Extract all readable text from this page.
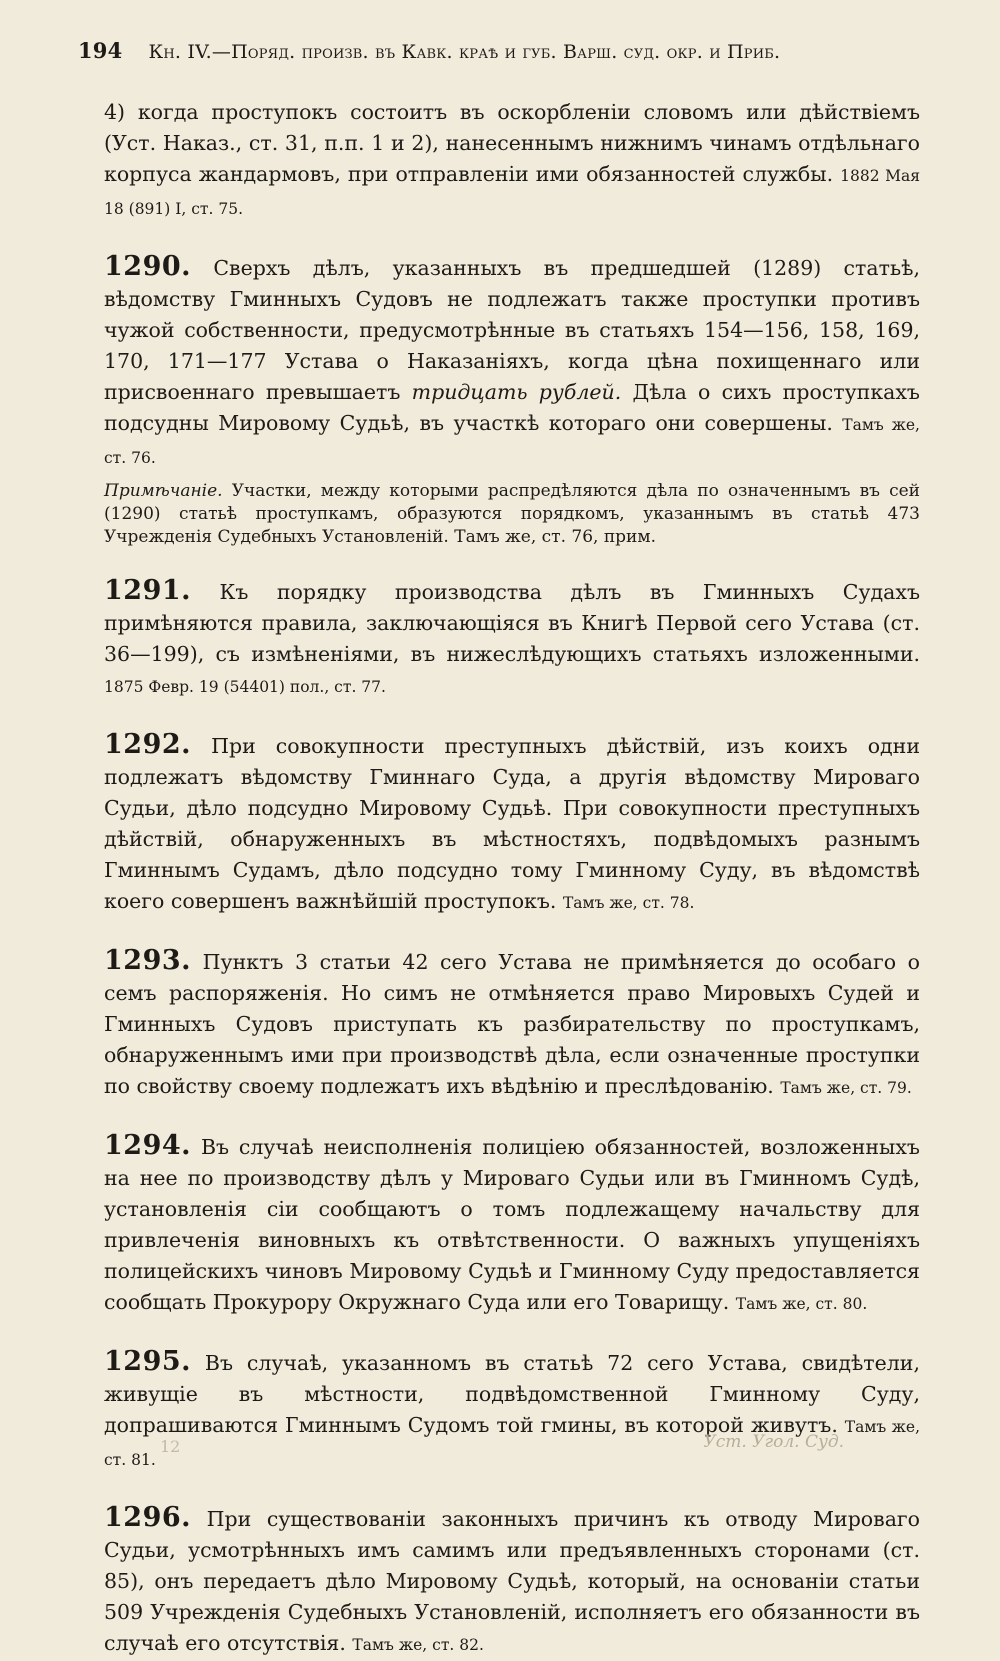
194 Кн. IV.—Поряд. произв. въ Кавк. краѣ и губ. Варш. суд. окр. и Приб.

4) когда проступокъ состоитъ въ оскорбленіи словомъ или дѣйствіемъ (Уст. Наказ., ст. 31, п.п. 1 и 2), нанесеннымъ нижнимъ чинамъ отдѣльнаго корпуса жандармовъ, при отправленіи ими обязанностей службы. 1882 Мая 18 (891) I, ст. 75.

1290. Сверхъ дѣлъ, указанныхъ въ предшедшей (1289) статьѣ, вѣдомству Гминныхъ Судовъ не подлежатъ также проступки противъ чужой собственности, предусмотрѣнные въ статьяхъ 154—156, 158, 169, 170, 171—177 Устава о Наказаніяхъ, когда цѣна похищеннаго или присвоеннаго превышаетъ тридцать рублей. Дѣла о сихъ проступкахъ подсудны Мировому Судьѣ, въ участкѣ котораго они совершены. Тамъ же, ст. 76.

Примѣчаніе. Участки, между которыми распредѣляются дѣла по означеннымъ въ сей (1290) статьѣ проступкамъ, образуются порядкомъ, указаннымъ въ статьѣ 473 Учрежденія Судебныхъ Установленій. Тамъ же, ст. 76, прим.

1291. Къ порядку производства дѣлъ въ Гминныхъ Судахъ примѣняются правила, заключающіяся въ Книгѣ Первой сего Устава (ст. 36—199), съ измѣненіями, въ нижеслѣдующихъ статьяхъ изложенными. 1875 Февр. 19 (54401) пол., ст. 77.

1292. При совокупности преступныхъ дѣйствій, изъ коихъ одни подлежатъ вѣдомству Гминнаго Суда, а другія вѣдомству Мироваго Судьи, дѣло подсудно Мировому Судьѣ. При совокупности преступныхъ дѣйствій, обнаруженныхъ въ мѣстностяхъ, подвѣдомыхъ разнымъ Гминнымъ Судамъ, дѣло подсудно тому Гминному Суду, въ вѣдомствѣ коего совершенъ важнѣйшій проступокъ. Тамъ же, ст. 78.

1293. Пунктъ 3 статьи 42 сего Устава не примѣняется до особаго о семъ распоряженія. Но симъ не отмѣняется право Мировыхъ Судей и Гминныхъ Судовъ приступать къ разбирательству по проступкамъ, обнаруженнымъ ими при производствѣ дѣла, если означенные проступки по свойству своему подлежатъ ихъ вѣдѣнію и преслѣдованію. Тамъ же, ст. 79.

1294. Въ случаѣ неисполненія полиціею обязанностей, возложенныхъ на нее по производству дѣлъ у Мироваго Судьи или въ Гминномъ Судѣ, установленія сіи сообщаютъ о томъ подлежащему начальству для привлеченія виновныхъ къ отвѣтственности. О важныхъ упущеніяхъ полицейскихъ чиновъ Мировому Судьѣ и Гминному Суду предоставляется сообщать Прокурору Окружнаго Суда или его Товарищу. Тамъ же, ст. 80.

1295. Въ случаѣ, указанномъ въ статьѣ 72 сего Устава, свидѣтели, живущіе въ мѣстности, подвѣдомственной Гминному Суду, допрашиваются Гминнымъ Судомъ той гмины, въ которой живутъ. Тамъ же, ст. 81.

1296. При существованіи законныхъ причинъ къ отводу Мироваго Судьи, усмотрѣнныхъ имъ самимъ или предъявленныхъ сторонами (ст. 85), онъ передаетъ дѣло Мировому Судьѣ, который, на основаніи статьи 509 Учрежденія Судебныхъ Установленій, исполняетъ его обязанности въ случаѣ его отсутствія. Тамъ же, ст. 82.

12	Уст. Угол. Суд.
